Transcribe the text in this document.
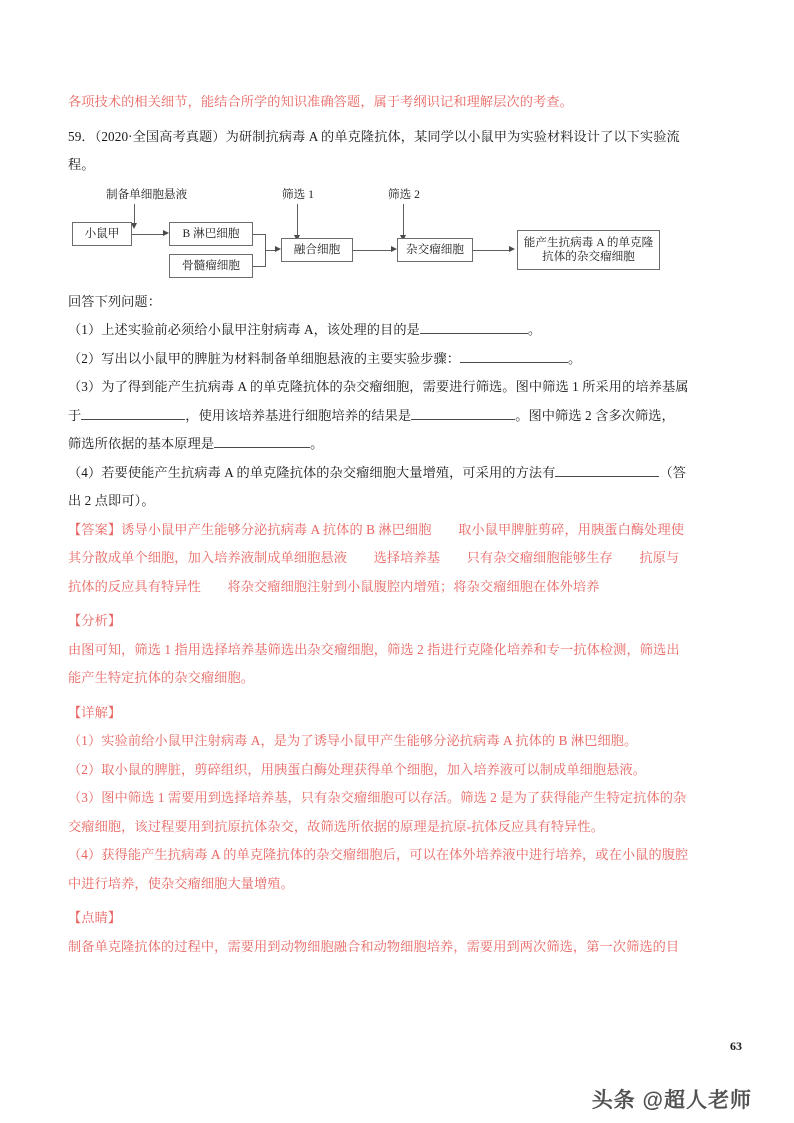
各项技术的相关细节，能结合所学的知识准确答题，属于考纲识记和理解层次的考查。
59．（2020·全国高考真题）为研制抗病毒 A 的单克隆抗体，某同学以小鼠甲为实验材料设计了以下实验流
程。
制备单细胞悬液	筛选 1	筛选 2
小鼠甲	B 淋巴细胞
骨髓瘤细胞
融合细胞	杂交瘤细胞
能产生抗病毒 A 的单克隆
抗体的杂交瘤细胞
回答下列问题：
（1）上述实验前必须给小鼠甲注射病毒 A，该处理的目的是	。
（2）写出以小鼠甲的脾脏为材料制备单细胞悬液的主要实验步骤：	。
（3）为了得到能产生抗病毒 A 的单克隆抗体的杂交瘤细胞，需要进行筛选。图中筛选 1 所采用的培养基属
于	，使用该培养基进行细胞培养的结果是	。图中筛选 2 含多次筛选，
筛选所依据的基本原理是	。
（4）若要使能产生抗病毒 A 的单克隆抗体的杂交瘤细胞大量增殖，可采用的方法有	（答
出 2 点即可）。
【答案】诱导小鼠甲产生能够分泌抗病毒 A 抗体的 B 淋巴细胞　　取小鼠甲脾脏剪碎，用胰蛋白酶处理使
其分散成单个细胞，加入培养液制成单细胞悬液　　选择培养基　　只有杂交瘤细胞能够生存　　抗原与
抗体的反应具有特异性　　将杂交瘤细胞注射到小鼠腹腔内增殖；将杂交瘤细胞在体外培养
【分析】
由图可知，筛选 1 指用选择培养基筛选出杂交瘤细胞，筛选 2 指进行克隆化培养和专一抗体检测，筛选出
能产生特定抗体的杂交瘤细胞。
【详解】
（1）实验前给小鼠甲注射病毒 A，是为了诱导小鼠甲产生能够分泌抗病毒 A 抗体的 B 淋巴细胞。
（2）取小鼠的脾脏，剪碎组织，用胰蛋白酶处理获得单个细胞，加入培养液可以制成单细胞悬液。
（3）图中筛选 1 需要用到选择培养基，只有杂交瘤细胞可以存活。筛选 2 是为了获得能产生特定抗体的杂
交瘤细胞，该过程要用到抗原抗体杂交，故筛选所依据的原理是抗原-抗体反应具有特异性。
（4）获得能产生抗病毒 A 的单克隆抗体的杂交瘤细胞后，可以在体外培养液中进行培养，或在小鼠的腹腔
中进行培养，使杂交瘤细胞大量增殖。
【点睛】
制备单克隆抗体的过程中，需要用到动物细胞融合和动物细胞培养，需要用到两次筛选，第一次筛选的目
63
头条 @超人老师
